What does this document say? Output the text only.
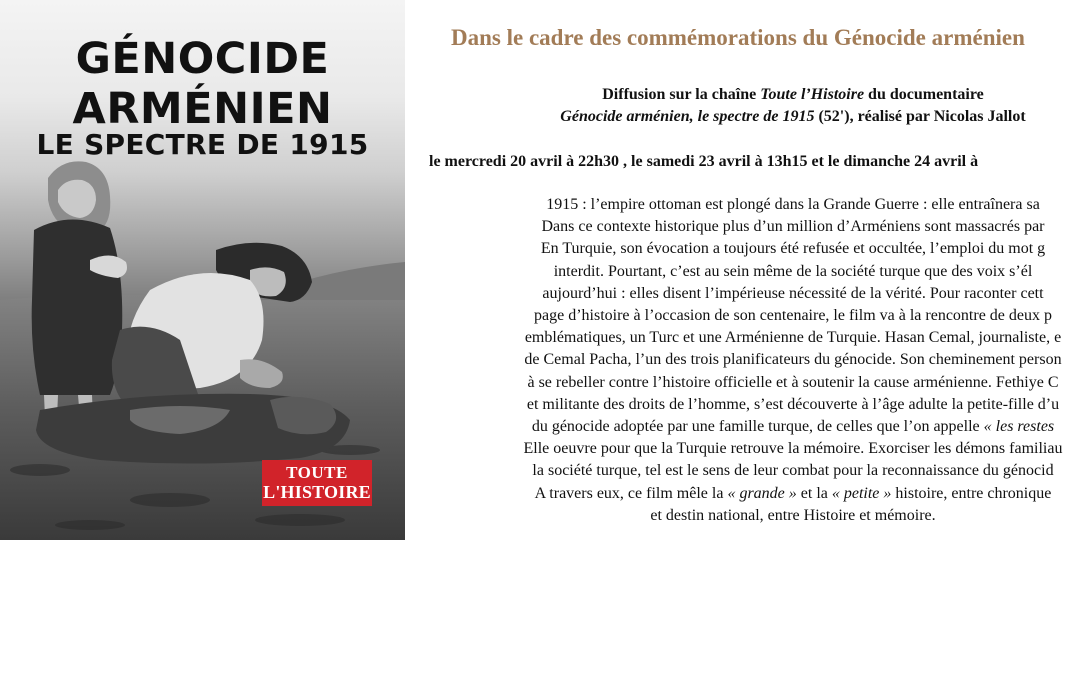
GÉNOCIDE
ARMÉNIEN
LE SPECTRE DE 1915
TOUTE
L'HISTOIRE
Dans le cadre des commémorations du Génocide arménien
Diffusion sur la chaîne Toute l’Histoire du documentaire
Génocide arménien, le spectre de 1915 (52'), réalisé par Nicolas Jallot
le mercredi 20 avril à 22h30 , le samedi 23 avril à 13h15 et le dimanche 24 avril à
1915 : l’empire ottoman est plongé dans la Grande Guerre : elle entraînera sa
Dans ce contexte historique plus d’un million d’Arméniens sont massacrés par
En Turquie, son évocation a toujours été refusée et occultée, l’emploi du mot g
interdit. Pourtant, c’est au sein même de la société turque que des voix s’él
aujourd’hui : elles disent l’impérieuse nécessité de la vérité. Pour raconter cett
page d’histoire à l’occasion de son centenaire, le film va à la rencontre de deux p
emblématiques, un Turc et une Arménienne de Turquie. Hasan Cemal, journaliste, e
de Cemal Pacha, l’un des trois planificateurs du génocide. Son cheminement person
à se rebeller contre l’histoire officielle et à soutenir la cause arménienne. Fethiye C
et militante des droits de l’homme, s’est découverte à l’âge adulte la petite-fille d’u
du génocide adoptée par une famille turque, de celles que l’on appelle « les restes
Elle oeuvre pour que la Turquie retrouve la mémoire. Exorciser les démons familiau
la société turque, tel est le sens de leur combat pour la reconnaissance du génocid
A travers eux, ce film mêle la « grande » et la « petite » histoire, entre chronique
et destin national, entre Histoire et mémoire.
